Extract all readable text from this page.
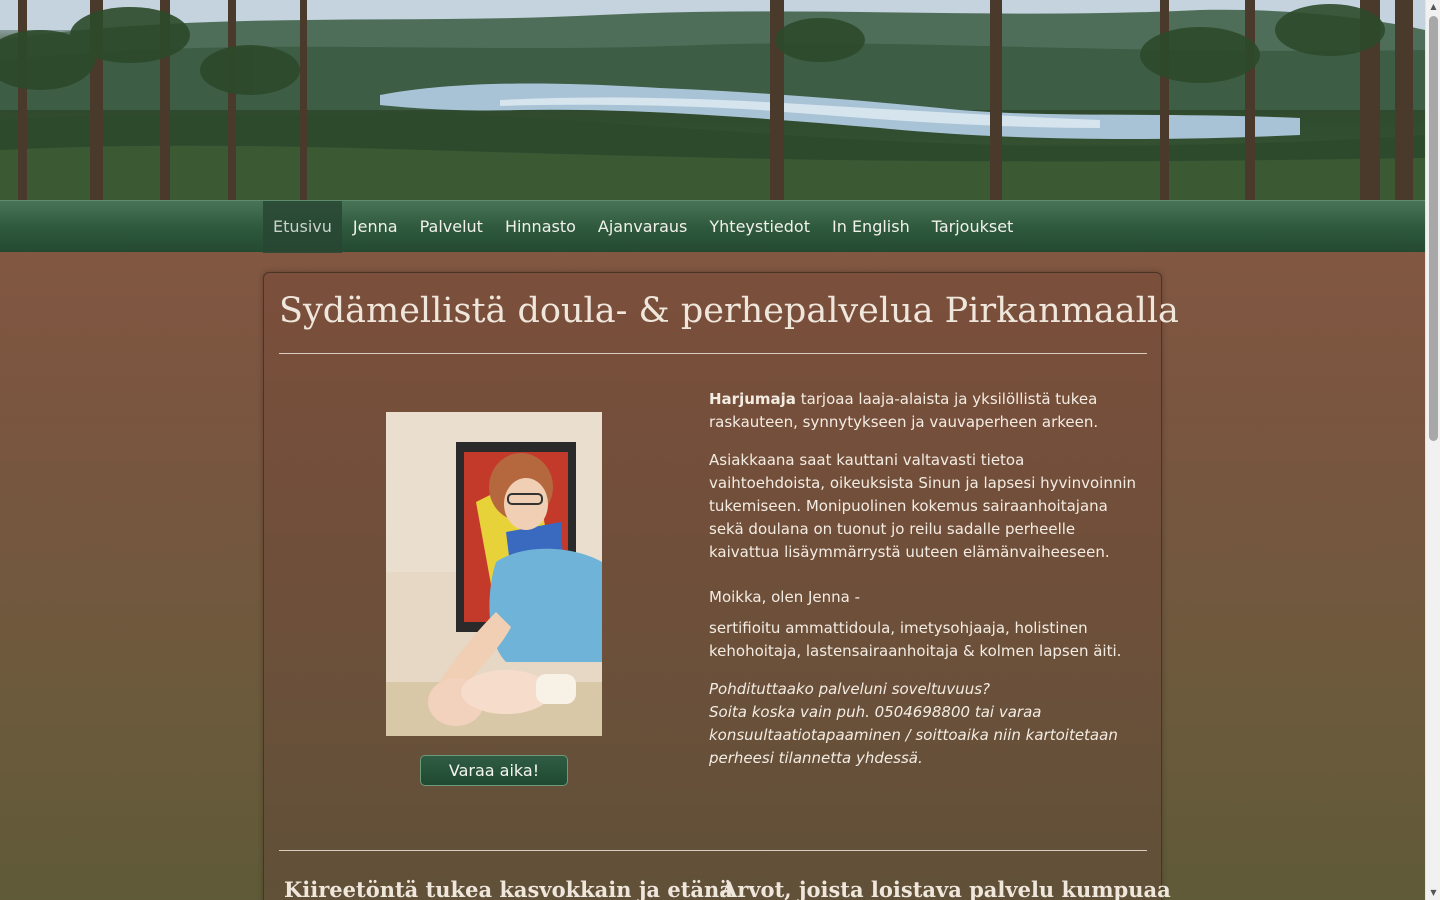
Etusivu	Jenna	Palvelut	Hinnasto	Ajanvaraus	Yhteystiedot	In English	Tarjoukset
Sydämellistä doula- & perhepalvelua Pirkanmaalla
Varaa aika!

Harjumaja tarjoaa laaja-alaista ja yksilöllistä tukea raskauteen, synnytykseen ja vauvaperheen arkeen.

Asiakkaana saat kauttani valtavasti tietoa vaihtoehdoista, oikeuksista Sinun ja lapsesi hyvinvoinnin tukemiseen. Monipuolinen kokemus sairaanhoitajana sekä doulana on tuonut jo reilu sadalle perheelle kaivattua lisäymmärrystä uuteen elämänvaiheeseen.

Moikka, olen Jenna -

sertifioitu ammattidoula, imetysohjaaja, holistinen kehohoitaja, lastensairaanhoitaja & kolmen lapsen äiti.

Pohdituttaako palveluni soveltuvuus?

Soita koska vain puh. 0504698800 tai varaa konsuultaatiotapaaminen / soittoaika niin kartoitetaan perheesi tilannetta yhdessä.

Kiireetöntä tukea kasvokkain ja etänä
Arvot, joista loistava palvelu kumpuaa
▲
▼
